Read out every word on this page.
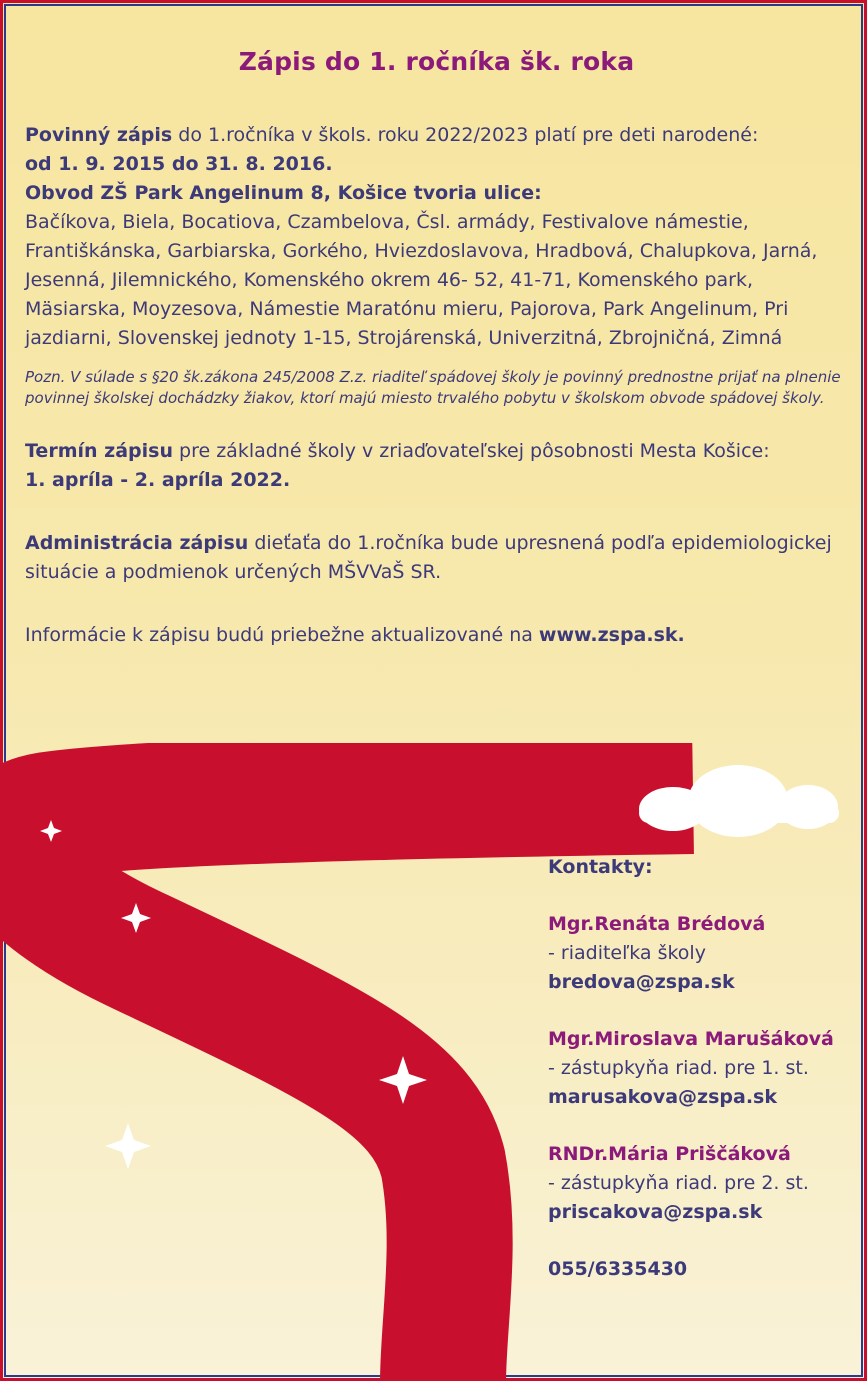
Zápis do 1. ročníka šk. roka

Povinný zápis do 1.ročníka v škols. roku 2022/2023 platí pre deti narodené:

od 1. 9. 2015 do 31. 8. 2016.

Obvod ZŠ Park Angelinum 8, Košice tvoria ulice:

Bačíkova, Biela, Bocatiova, Czambelova, Čsl. armády, Festivalove námestie, Františkánska, Garbiarska, Gorkého, Hviezdoslavova, Hradbová, Chalupkova, Jarná, Jesenná, Jilemnického, Komenského okrem 46- 52, 41-71, Komenského park, Mäsiarska, Moyzesova, Námestie Maratónu mieru, Pajorova, Park Angelinum, Pri jazdiarni, Slovenskej jednoty 1-15, Strojárenská, Univerzitná, Zbrojničná, Zimná

Pozn. V súlade s §20 šk.zákona 245/2008 Z.z. riaditeľ spádovej školy je povinný prednostne prijať na plnenie povinnej školskej dochádzky žiakov, ktorí majú miesto trvalého pobytu v školskom obvode spádovej školy.

Termín zápisu pre základné školy v zriaďovateľskej pôsobnosti Mesta Košice:

1. apríla - 2. apríla 2022.

Administrácia zápisu dieťaťa do 1.ročníka bude upresnená podľa epidemiologickej situácie a podmienok určených MŠVVaŠ SR.

Informácie k zápisu budú priebežne aktualizované na www.zspa.sk.

Kontakty:
Mgr.Renáta Brédová
- riaditeľka školy
bredova@zspa.sk
Mgr.Miroslava Marušáková
- zástupkyňa riad. pre 1. st.
marusakova@zspa.sk
RNDr.Mária Priščáková
- zástupkyňa riad. pre 2. st.
priscakova@zspa.sk
055/6335430
